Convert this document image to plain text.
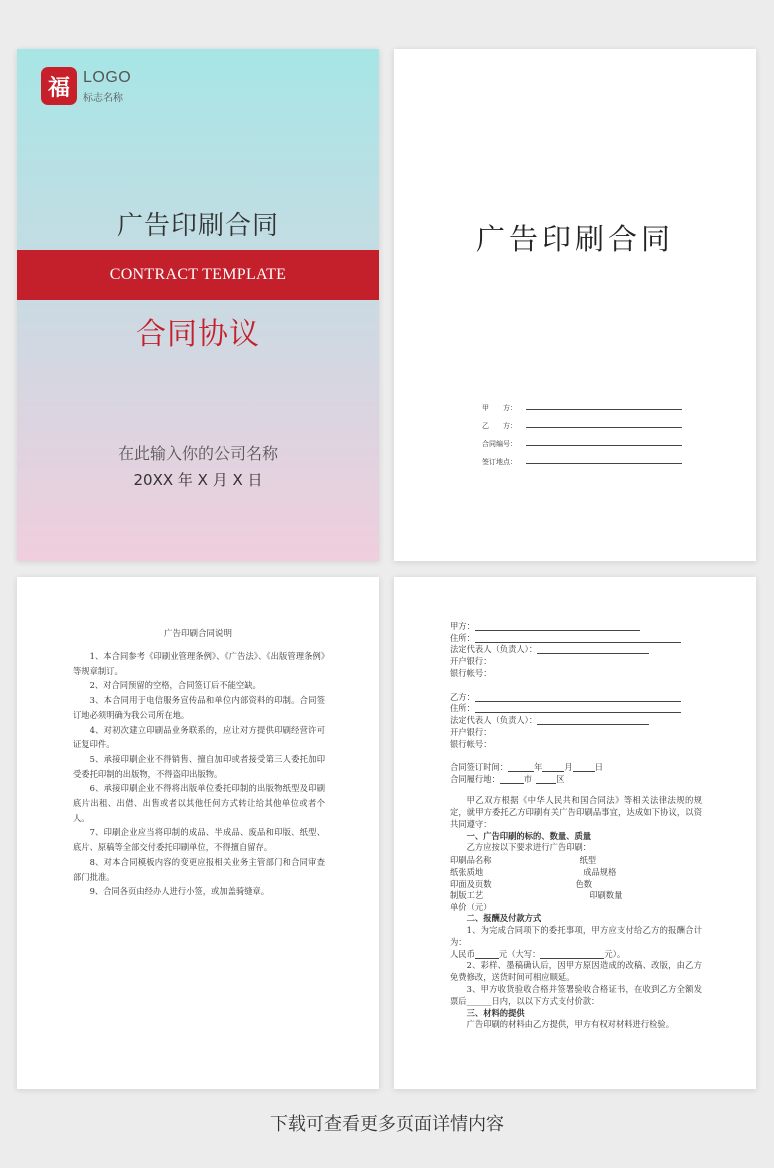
福 LOGO
标志名称
广告印刷合同
CONTRACT TEMPLATE
合同协议
在此输入你的公司名称
20XX 年 X 月 X 日
广告印刷合同
甲　　方：
乙　　方：
合同编号：
签订地点：
广告印刷合同说明

1、本合同参考《印刷业管理条例》、《广告法》、《出版管理条例》等规章制订。

2、对合同预留的空格，合同签订后不能空缺。

3、本合同用于电信服务宣传品和单位内部资料的印制。合同签订地必须明确为我公司所在地。

4、对初次建立印刷品业务联系的，应让对方提供印刷经营许可证复印件。

5、承接印刷企业不得销售、擅自加印或者接受第三人委托加印受委托印制的出版物，不得盗印出版物。

6、承接印刷企业不得将出版单位委托印制的出版物纸型及印刷底片出租、出借、出售或者以其他任何方式转让给其他单位或者个人。

7、印刷企业应当将印制的成品、半成品、废品和印版、纸型、底片、原稿等全部交付委托印刷单位，不得擅自留存。

8、对本合同模板内容的变更应报相关业务主管部门和合同审查部门批准。

9、合同各页由经办人进行小签，或加盖骑缝章。

甲方：
住所：
法定代表人（负责人）：
开户银行：
银行帐号：
乙方：
住所：
法定代表人（负责人）：
开户银行：
银行帐号：
合同签订时间：	年	月	日
合同履行地：	市	区

甲乙双方根据《中华人民共和国合同法》等相关法律法规的规定，就甲方委托乙方印刷有关广告印刷品事宜，达成如下协议，以资共同遵守：

一、广告印刷的标的、数量、质量

乙方应按以下要求进行广告印刷：

印刷品名称	纸型
纸张质地	成品规格
印面及页数	色数
制版工艺	印刷数量
单价（元）
二、报酬及付款方式

1、为完成合同项下的委托事项，甲方应支付给乙方的报酬合计为：

人民币	元（大写：	元）。

2、彩样、墨稿确认后，因甲方原因造成的改稿、改版，由乙方免费修改，送货时间可相应顺延。

3、甲方收货验收合格并签署验收合格证书，在收到乙方全额发票后______日内，以以下方式支付价款：

三、材料的提供

广告印刷的材料由乙方提供，甲方有权对材料进行检验。

下载可查看更多页面详情内容
